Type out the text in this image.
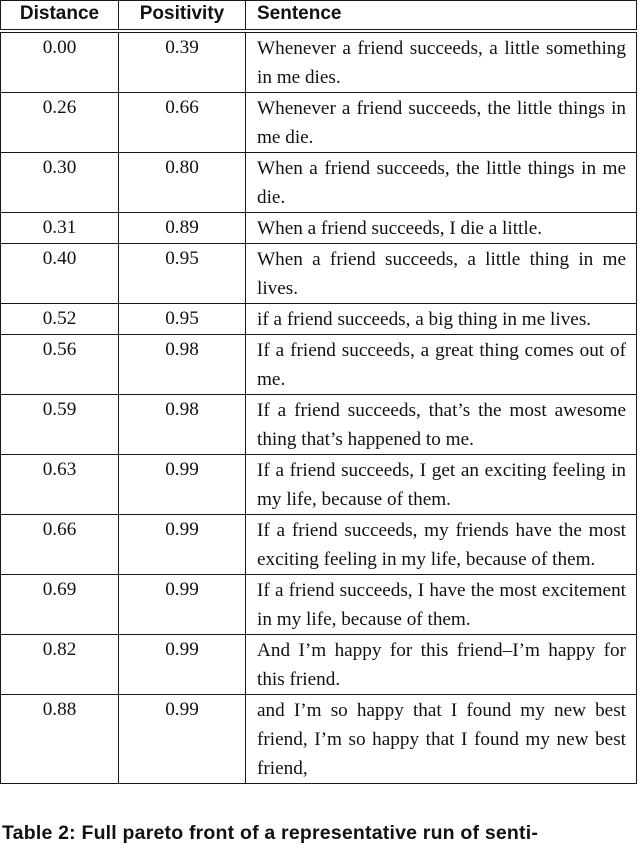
Distance	Positivity	Sentence
0.00	0.39	Whenever a friend succeeds, a little something in me dies.
0.26	0.66	Whenever a friend succeeds, the little things in me die.
0.30	0.80	When a friend succeeds, the little things in me die.
0.31	0.89	When a friend succeeds, I die a little.
0.40	0.95	When a friend succeeds, a little thing in me lives.
0.52	0.95	if a friend succeeds, a big thing in me lives.
0.56	0.98	If a friend succeeds, a great thing comes out of me.
0.59	0.98	If a friend succeeds, that’s the most awesome thing that’s happened to me.
0.63	0.99	If a friend succeeds, I get an exciting feeling in my life, because of them.
0.66	0.99	If a friend succeeds, my friends have the most exciting feeling in my life, because of them.
0.69	0.99	If a friend succeeds, I have the most excitement in my life, because of them.
0.82	0.99	And I’m happy for this friend–I’m happy for this friend.
0.88	0.99	and I’m so happy that I found my new best friend, I’m so happy that I found my new best friend,
Table 2: Full pareto front of a representative run of senti-
